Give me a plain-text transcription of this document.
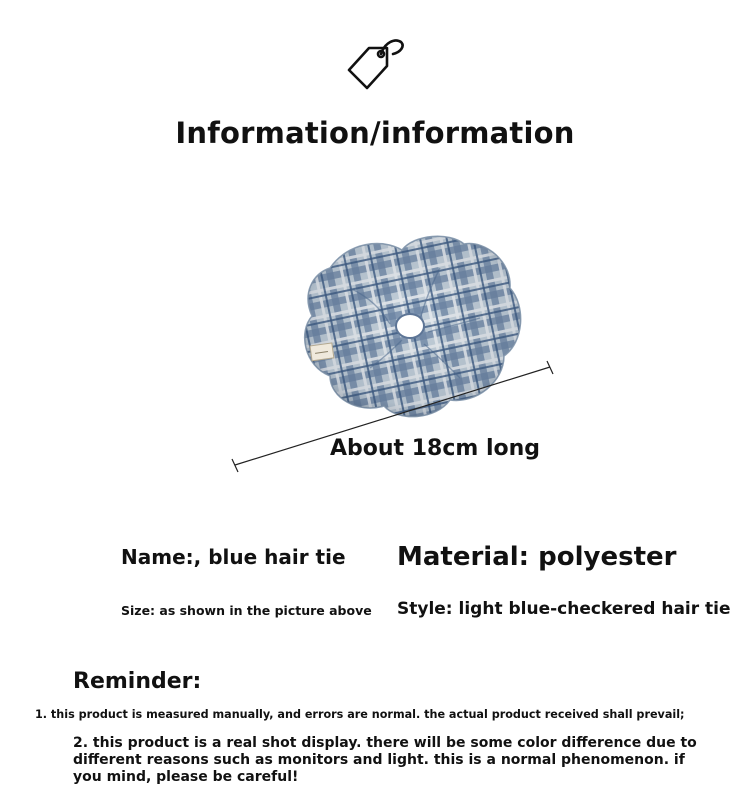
Information/information
About 18cm long
Name:, blue hair tie Material: polyester
Size: as shown in the picture above Style: light blue-checkered hair tie
Reminder:
1. this product is measured manually, and errors are normal. the actual product received shall prevail;
2. this product is a real shot display. there will be some color difference due to different reasons such as monitors and light. this is a normal phenomenon. if you mind, please be careful!
